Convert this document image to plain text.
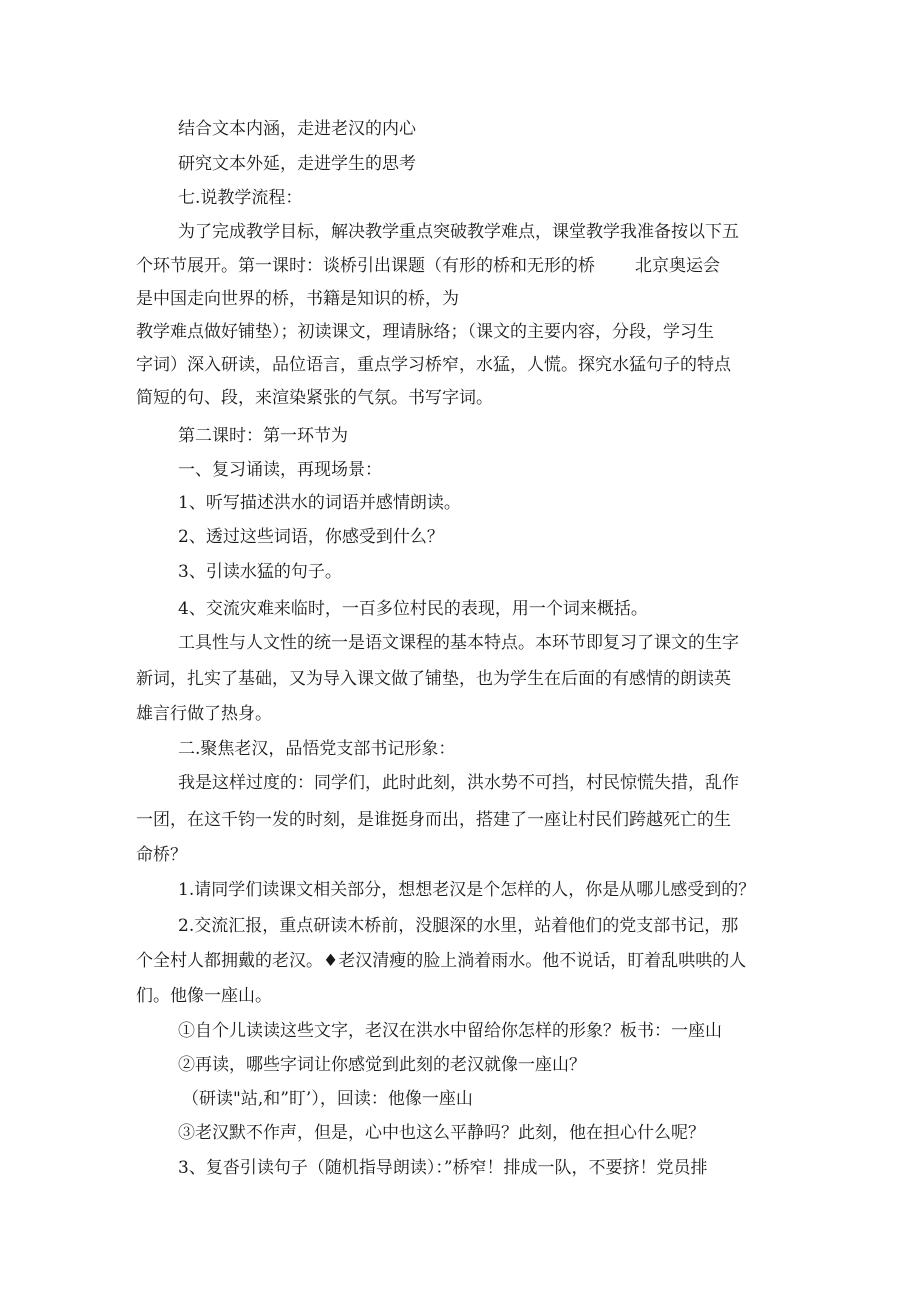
结合文本内涵，走进老汉的内心
研究文本外延，走进学生的思考
七.说教学流程：
为了完成教学目标，解决教学重点突破教学难点，课堂教学我准备按以下五
个环节展开。第一课时：谈桥引出课题（有形的桥和无形的桥 北京奥运会
是中国走向世界的桥，书籍是知识的桥，为
教学难点做好铺垫）；初读课文，理请脉络；（课文的主要内容，分段，学习生
字词）深入研读，品位语言，重点学习桥窄，水猛，人慌。探究水猛句子的特点
简短的句、段，来渲染紧张的气氛。书写字词。
第二课时：第一环节为
一、复习诵读，再现场景：
1、听写描述洪水的词语并感情朗读。
2、透过这些词语，你感受到什么？
3、引读水猛的句子。
4、交流灾难来临时，一百多位村民的表现，用一个词来概括。
工具性与人文性的统一是语文课程的基本特点。本环节即复习了课文的生字
新词，扎实了基础，又为导入课文做了铺垫，也为学生在后面的有感情的朗读英
雄言行做了热身。
二.聚焦老汉，品悟党支部书记形象：
我是这样过度的：同学们，此时此刻，洪水势不可挡，村民惊慌失措，乱作
一团，在这千钧一发的时刻，是谁挺身而出，搭建了一座让村民们跨越死亡的生
命桥？
1.请同学们读课文相关部分，想想老汉是个怎样的人，你是从哪儿感受到的？
2.交流汇报，重点研读木桥前，没腿深的水里，站着他们的党支部书记，那
个全村人都拥戴的老汉。♦老汉清瘦的脸上淌着雨水。他不说话，盯着乱哄哄的人
们。他像一座山。
①自个儿读读这些文字，老汉在洪水中留给你怎样的形象？板书：一座山
②再读，哪些字词让你感觉到此刻的老汉就像一座山？
（研读"站,和”盯’），回读：他像一座山
③老汉默不作声，但是，心中也这么平静吗？此刻，他在担心什么呢？
3、复沓引读句子（随机指导朗读）：”桥窄！排成一队，不要挤！党员排
